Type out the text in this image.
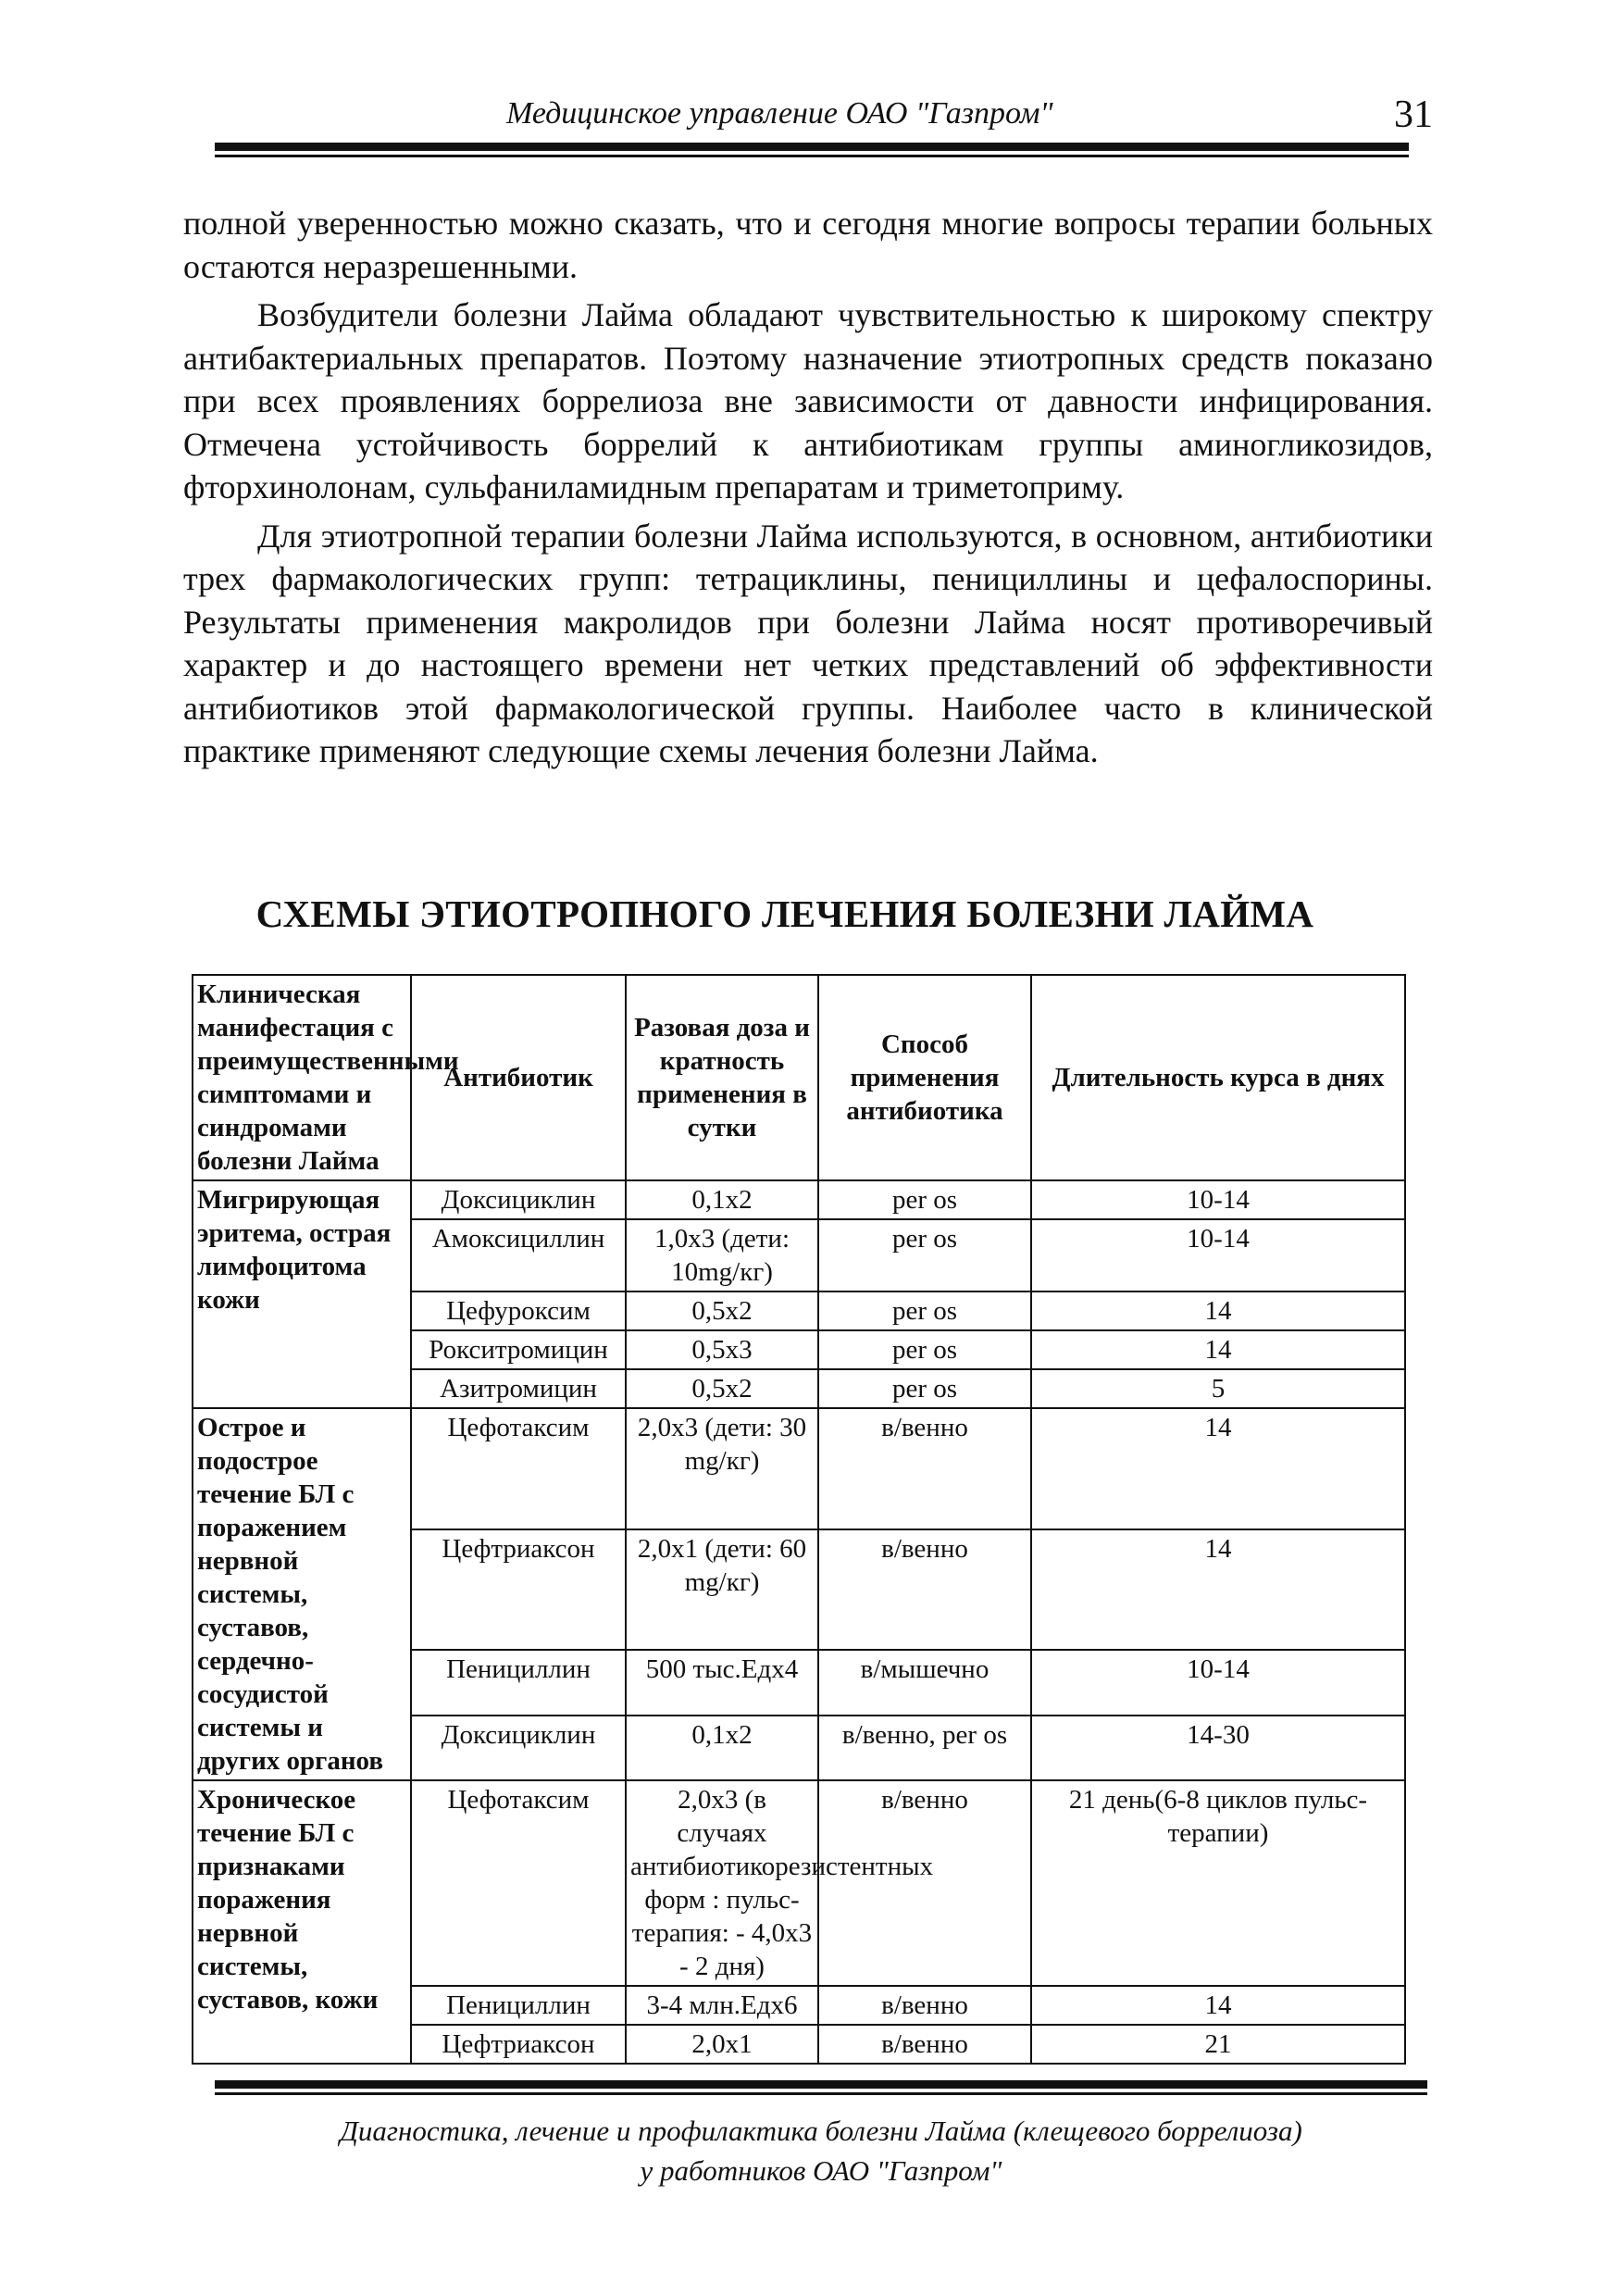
Медицинское управление ОАО "Газпром"	31

полной уверенностью можно сказать, что и сегодня многие вопросы терапии больных остаются неразрешенными.

Возбудители болезни Лайма обладают чувствительностью к широкому спектру антибактериальных препаратов. Поэтому назначение этиотропных средств показано при всех проявлениях боррелиоза вне зависимости от давности инфицирования. Отмечена устойчивость боррелий к антибиотикам группы аминогликозидов, фторхинолонам, сульфаниламидным препаратам и триметоприму.

Для этиотропной терапии болезни Лайма используются, в основном, антибиотики трех фармакологических групп: тетрациклины, пенициллины и цефалоспорины. Результаты применения макролидов при болезни Лайма носят противоречивый характер и до настоящего времени нет четких представлений об эффективности антибиотиков этой фармакологической группы. Наиболее часто в клинической практике применяют следующие схемы лечения болезни Лайма.

СХЕМЫ ЭТИОТРОПНОГО ЛЕЧЕНИЯ БОЛЕЗНИ ЛАЙМА
Клиническая манифестация с преимущественными симптомами и синдромами болезни Лайма	Антибиотик	Разовая доза и кратность применения в сутки	Способ применения антибиотика	Длительность курса в днях
Мигрирующая эритема, острая лимфоцитома кожи	Доксициклин	0,1х2	per os	10-14
	Амоксициллин	1,0х3 (дети: 10mg/кг)	per os	10-14
	Цефуроксим	0,5х2	per os	14
	Рокситромицин	0,5х3	per os	14
	Азитромицин	0,5х2	per os	5
Острое и подострое течение БЛ с поражением нервной системы, суставов, сердечно-сосудистой системы и других органов	Цефотаксим	2,0х3 (дети: 30 mg/кг)	в/венно	14
	Цефтриаксон	2,0х1 (дети: 60 mg/кг)	в/венно	14
	Пенициллин	500 тыс.Едх4	в/мышечно	10-14
	Доксициклин	0,1х2	в/венно, per os	14-30
Хроническое течение БЛ с признаками поражения нервной системы, суставов, кожи	Цефотаксим	2,0х3 (в случаях антибиотикорезистентных форм : пульс-терапия: - 4,0х3 - 2 дня)	в/венно	21 день(6-8 циклов пульс-терапии)
	Пенициллин	3-4 млн.Едх6	в/венно	14
	Цефтриаксон	2,0х1	в/венно	21
Диагностика, лечение и профилактика болезни Лайма (клещевого боррелиоза)
у работников ОАО "Газпром"
